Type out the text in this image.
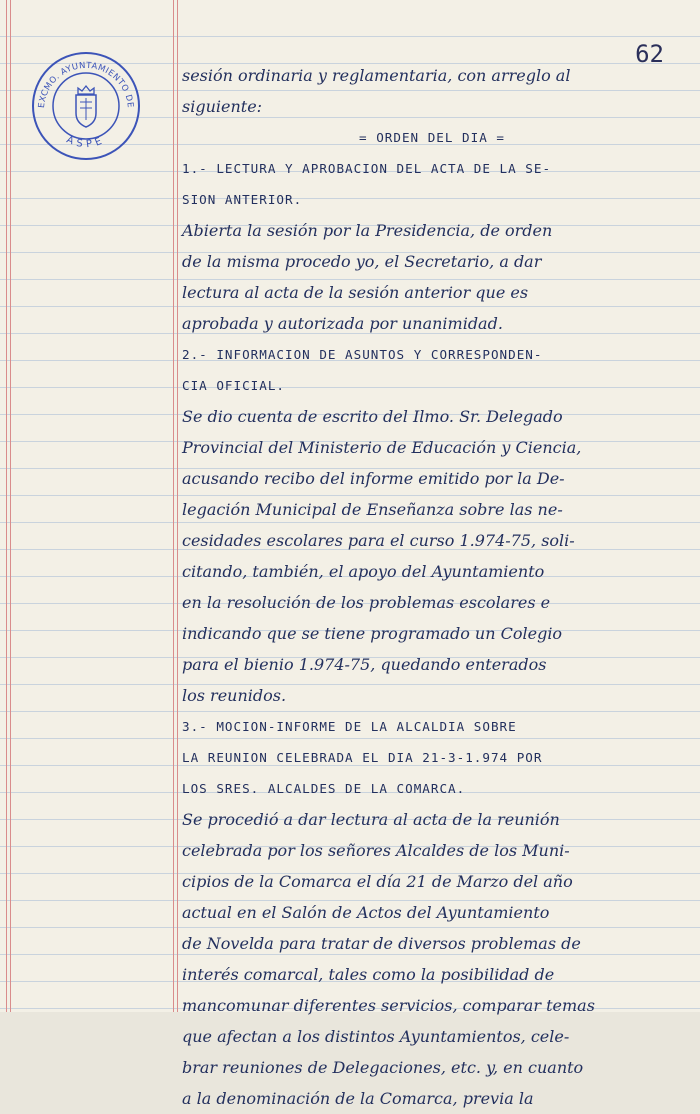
62
EXCMO. AYUNTAMIENTO DE
ASPE
sesión ordinaria y reglamentaria, con arreglo al
siguiente:
= ORDEN DEL DIA =
1.- LECTURA Y APROBACION DEL ACTA DE LA SE-
SION ANTERIOR.
Abierta la sesión por la Presidencia, de orden
de la misma procedo yo, el Secretario, a dar
lectura al acta de la sesión anterior que es
aprobada y autorizada por unanimidad.
2.- INFORMACION DE ASUNTOS Y CORRESPONDEN-
CIA OFICIAL.
Se dio cuenta de escrito del Ilmo. Sr. Delegado
Provincial del Ministerio de Educación y Ciencia,
acusando recibo del informe emitido por la De-
legación Municipal de Enseñanza sobre las ne-
cesidades escolares para el curso 1.974-75, soli-
citando, también, el apoyo del Ayuntamiento
en la resolución de los problemas escolares e
indicando que se tiene programado un Colegio
para el bienio 1.974-75, quedando enterados
los reunidos.
3.- MOCION-INFORME DE LA ALCALDIA SOBRE
LA REUNION CELEBRADA EL DIA 21-3-1.974 POR
LOS SRES. ALCALDES DE LA COMARCA.
Se procedió a dar lectura al acta de la reunión
celebrada por los señores Alcaldes de los Muni-
cipios de la Comarca el día 21 de Marzo del año
actual en el Salón de Actos del Ayuntamiento
de Novelda para tratar de diversos problemas de
interés comarcal, tales como la posibilidad de
mancomunar diferentes servicios, comparar temas
que afectan a los distintos Ayuntamientos, cele-
brar reuniones de Delegaciones, etc. y, en cuanto
a la denominación de la Comarca, previa la
